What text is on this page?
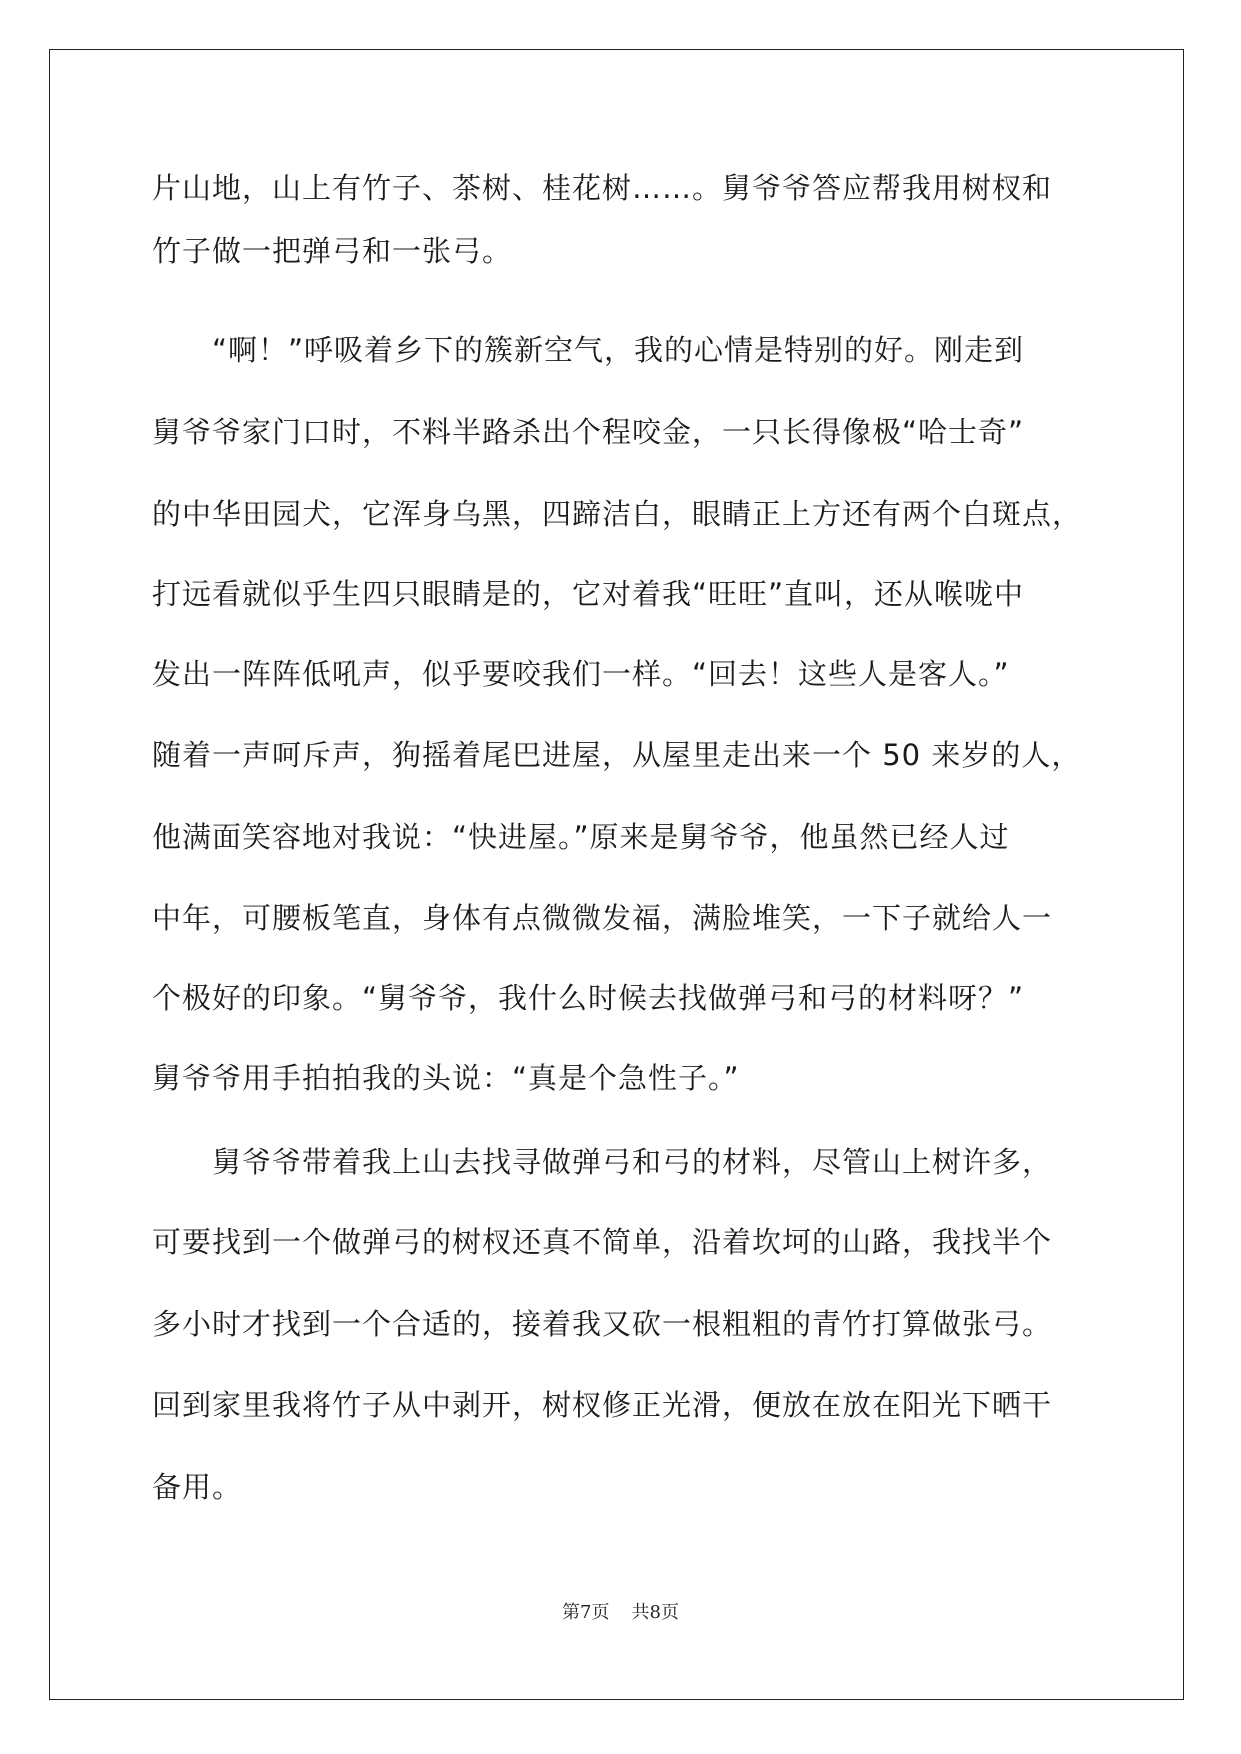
片山地，山上有竹子、茶树、桂花树……。舅爷爷答应帮我用树杈和
竹子做一把弹弓和一张弓。
“啊！”呼吸着乡下的簇新空气，我的心情是特别的好。刚走到
舅爷爷家门口时，不料半路杀出个程咬金，一只长得像极“哈士奇”
的中华田园犬，它浑身乌黑，四蹄洁白，眼睛正上方还有两个白斑点，
打远看就似乎生四只眼睛是的，它对着我“旺旺”直叫，还从喉咙中
发出一阵阵低吼声，似乎要咬我们一样。“回去！这些人是客人。”
随着一声呵斥声，狗摇着尾巴进屋，从屋里走出来一个 50 来岁的人，
他满面笑容地对我说：“快进屋。”原来是舅爷爷，他虽然已经人过
中年，可腰板笔直，身体有点微微发福，满脸堆笑，一下子就给人一
个极好的印象。“舅爷爷，我什么时候去找做弹弓和弓的材料呀？”
舅爷爷用手拍拍我的头说：“真是个急性子。”
舅爷爷带着我上山去找寻做弹弓和弓的材料，尽管山上树许多，
可要找到一个做弹弓的树杈还真不简单，沿着坎坷的山路，我找半个
多小时才找到一个合适的，接着我又砍一根粗粗的青竹打算做张弓。
回到家里我将竹子从中剥开，树杈修正光滑，便放在放在阳光下晒干
备用。
第7页 共8页
